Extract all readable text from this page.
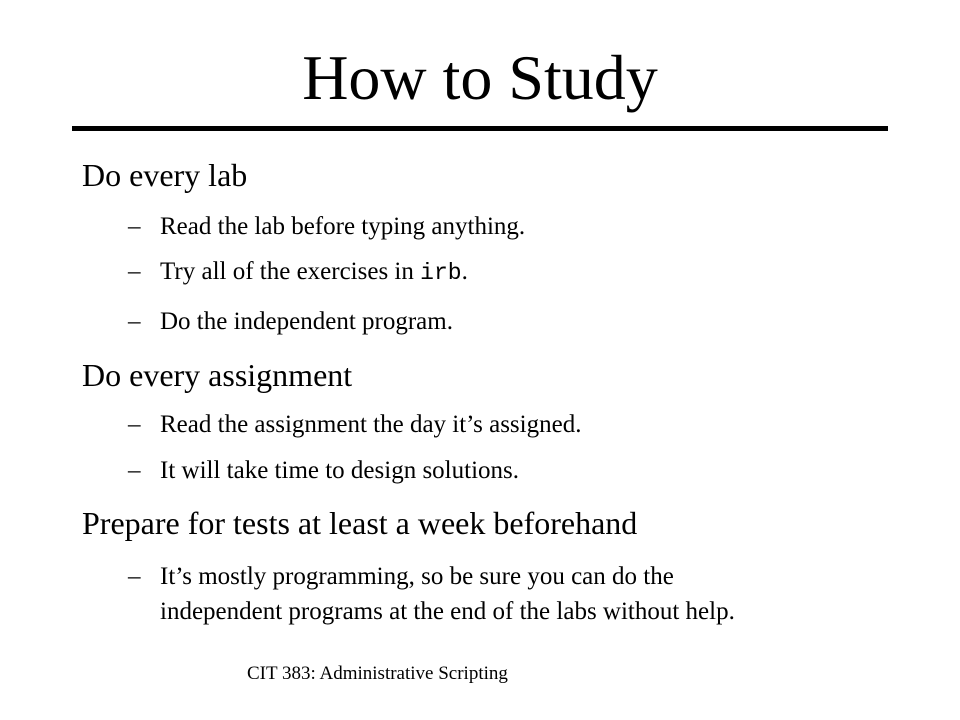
How to Study
Do every lab
– Read the lab before typing anything.
– Try all of the exercises in irb.
– Do the independent program.
Do every assignment
– Read the assignment the day it’s assigned.
– It will take time to design solutions.
Prepare for tests at least a week beforehand
– It’s mostly programming, so be sure you can do the
independent programs at the end of the labs without help.
CIT 383: Administrative Scripting
